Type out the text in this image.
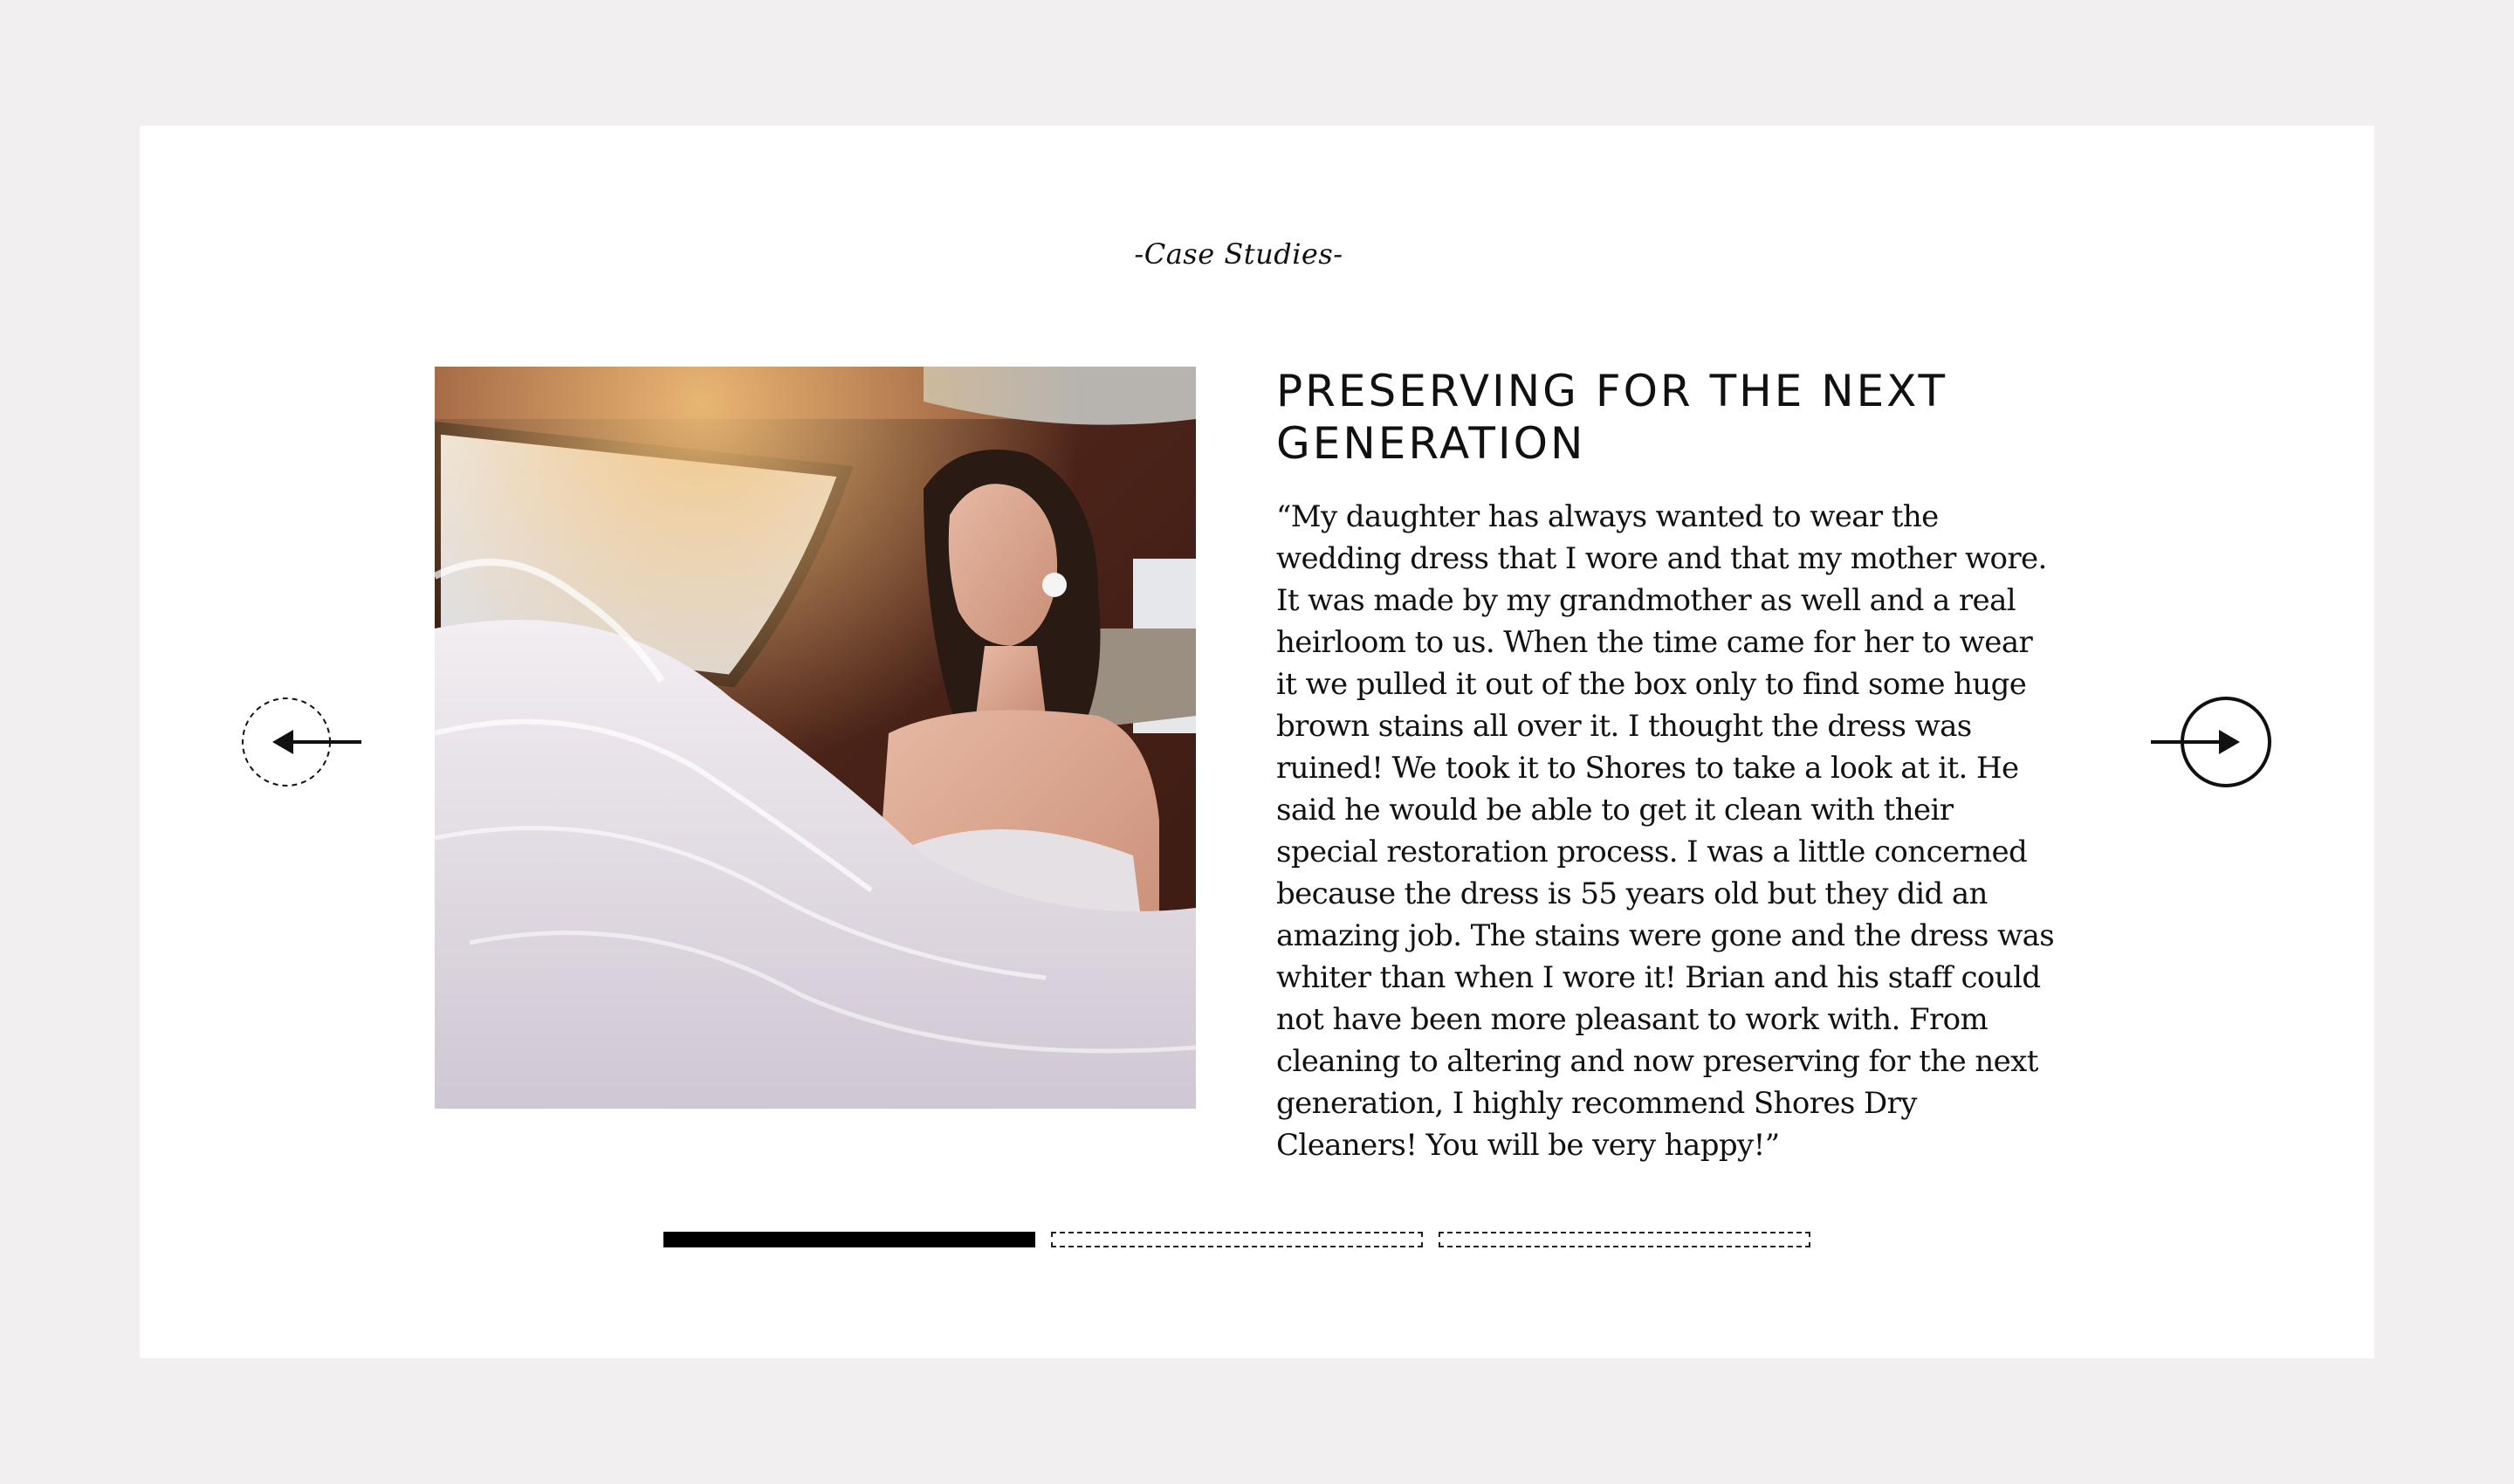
-Case Studies-
PRESERVING FOR THE NEXT GENERATION

“My daughter has always wanted to wear the wedding dress that I wore and that my mother wore. It was made by my grandmother as well and a real heirloom to us. When the time came for her to wear it we pulled it out of the box only to find some huge brown stains all over it. I thought the dress was ruined! We took it to Shores to take a look at it. He said he would be able to get it clean with their special restoration process. I was a little concerned because the dress is 55 years old but they did an amazing job. The stains were gone and the dress was whiter than when I wore it! Brian and his staff could not have been more pleasant to work with. From cleaning to altering and now preserving for the next generation, I highly recommend Shores Dry Cleaners! You will be very happy!”
